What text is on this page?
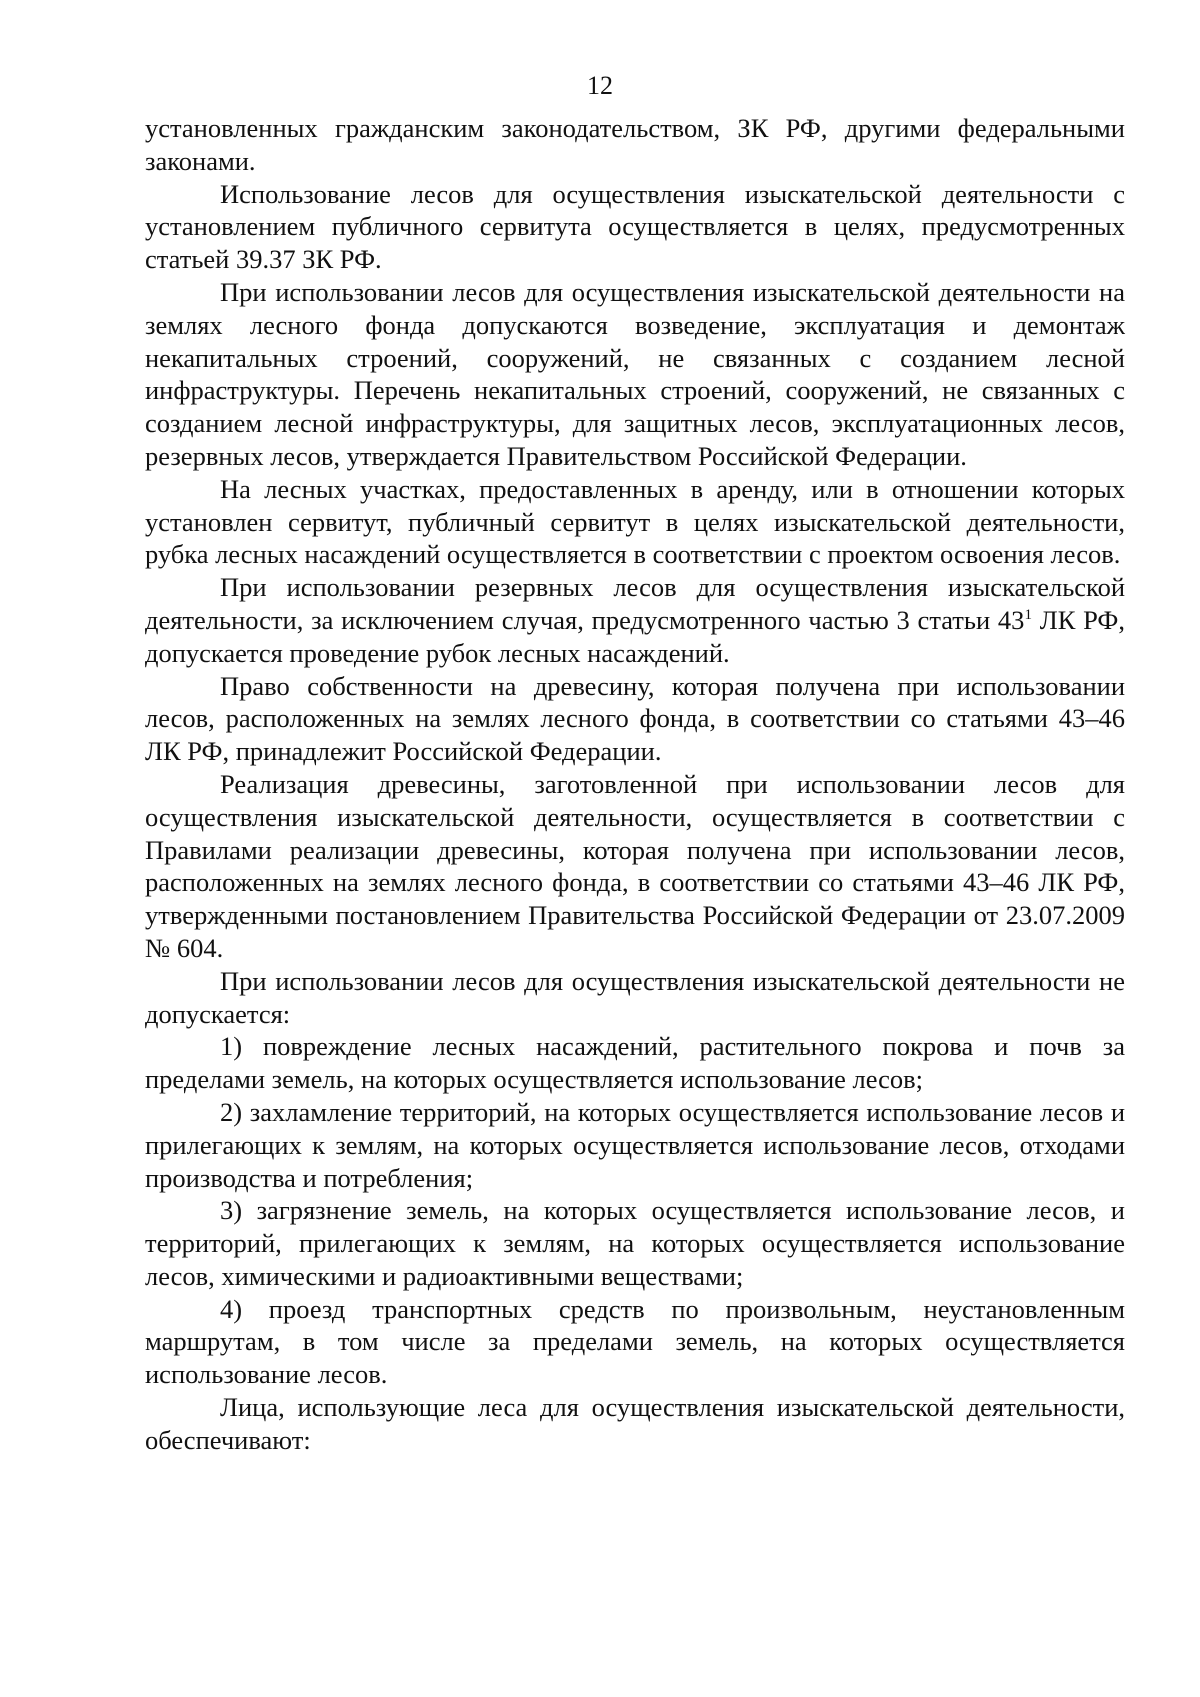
12

установленных гражданским законодательством, ЗК РФ, другими федеральными законами.

Использование лесов для осуществления изыскательской деятельности с установлением публичного сервитута осуществляется в целях, предусмотренных статьей 39.37 ЗК РФ.

При использовании лесов для осуществления изыскательской деятельности на землях лесного фонда допускаются возведение, эксплуатация и демонтаж некапитальных строений, сооружений, не связанных с созданием лесной инфраструктуры. Перечень некапитальных строений, сооружений, не связанных с созданием лесной инфраструктуры, для защитных лесов, эксплуатационных лесов, резервных лесов, утверждается Правительством Российской Федерации.

На лесных участках, предоставленных в аренду, или в отношении которых установлен сервитут, публичный сервитут в целях изыскательской деятельности, рубка лесных насаждений осуществляется в соответствии с проектом освоения лесов.

При использовании резервных лесов для осуществления изыскательской деятельности, за исключением случая, предусмотренного частью 3 статьи $43^1$ ЛК РФ, допускается проведение рубок лесных насаждений.

Право собственности на древесину, которая получена при использовании лесов, расположенных на землях лесного фонда, в соответствии со статьями 43–46 ЛК РФ, принадлежит Российской Федерации.

Реализация древесины, заготовленной при использовании лесов для осуществления изыскательской деятельности, осуществляется в соответствии с Правилами реализации древесины, которая получена при использовании лесов, расположенных на землях лесного фонда, в соответствии со статьями 43–46 ЛК РФ, утвержденными постановлением Правительства Российской Федерации от 23.07.2009 № 604.

При использовании лесов для осуществления изыскательской деятельности не допускается:

1) повреждение лесных насаждений, растительного покрова и почв за пределами земель, на которых осуществляется использование лесов;

2) захламление территорий, на которых осуществляется использование лесов и прилегающих к землям, на которых осуществляется использование лесов, отходами производства и потребления;

3) загрязнение земель, на которых осуществляется использование лесов, и территорий, прилегающих к землям, на которых осуществляется использование лесов, химическими и радиоактивными веществами;

4) проезд транспортных средств по произвольным, неустановленным маршрутам, в том числе за пределами земель, на которых осуществляется использование лесов.

Лица, использующие леса для осуществления изыскательской деятельности, обеспечивают:
